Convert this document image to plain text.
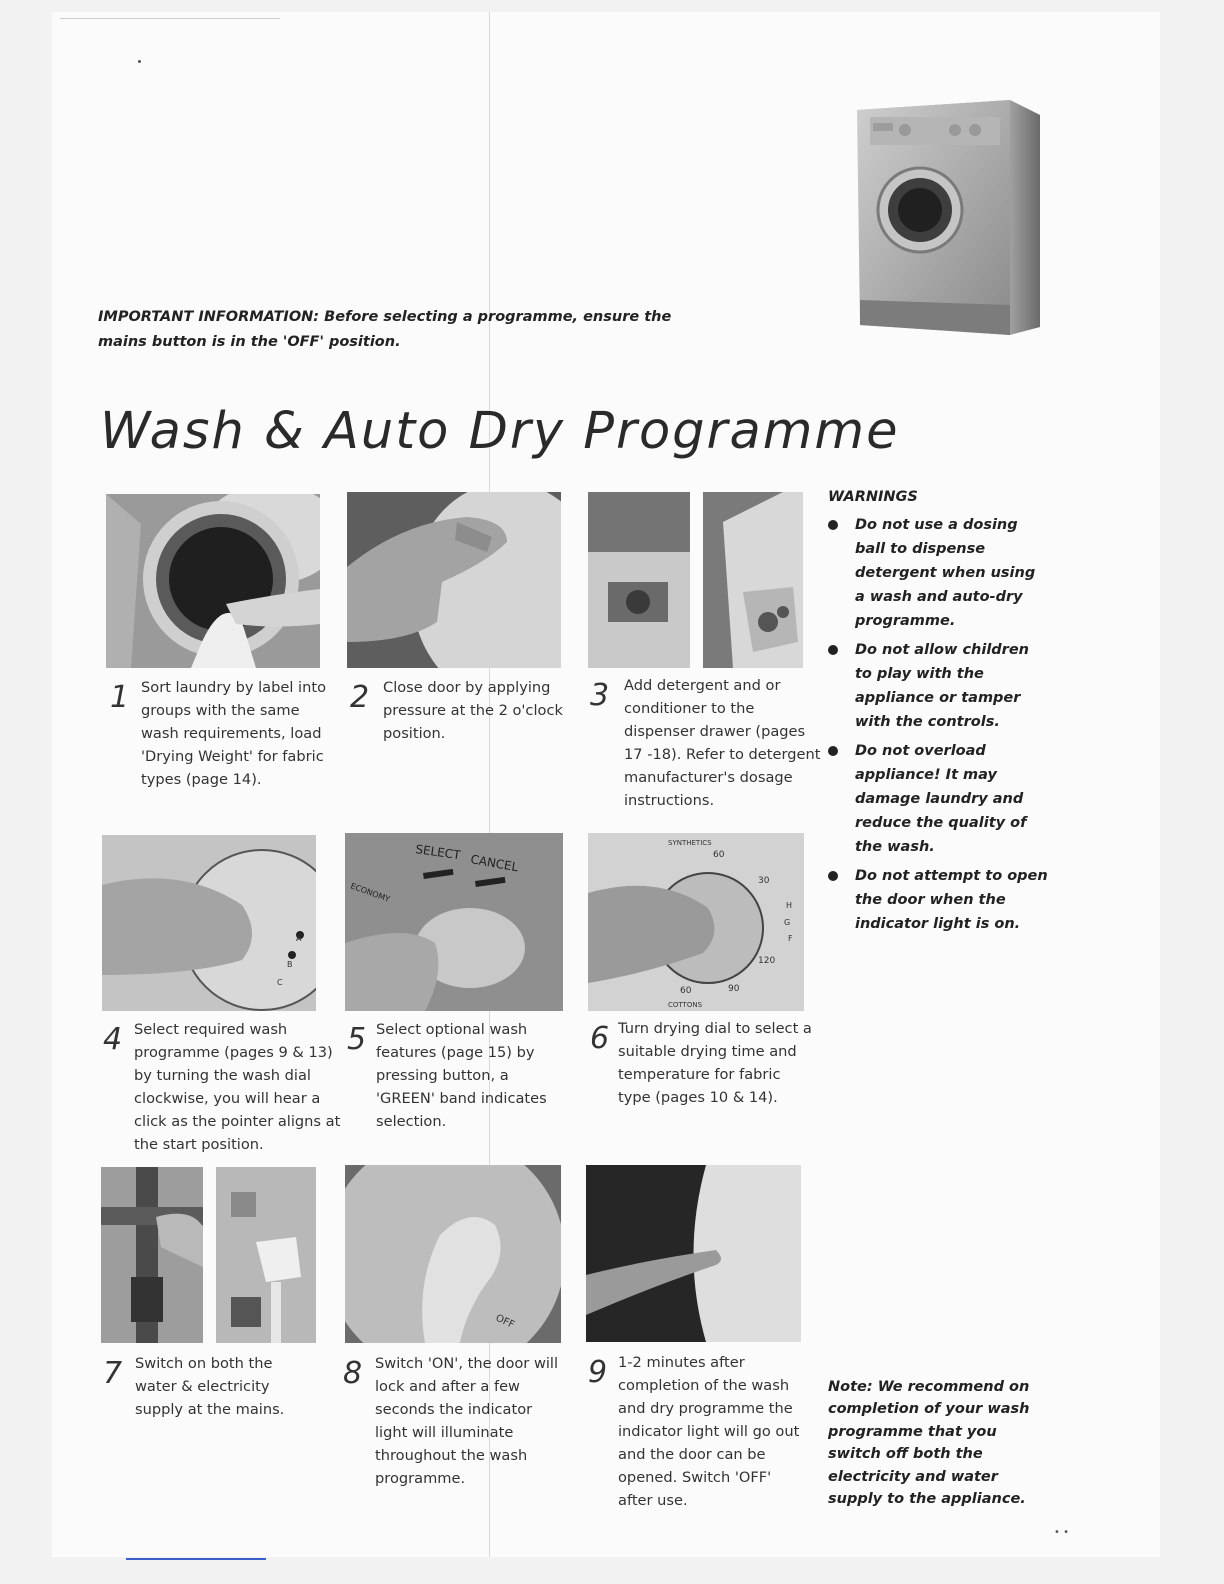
IMPORTANT INFORMATION: Before selecting a programme, ensure the mains button is in the 'OFF' position.
Wash & Auto Dry Programme
A
B
C
SELECT CANCEL
ECONOMY
SYNTHETICS
60
30
H
G
F
120
90
60
COTTONS
OFF
1 Sort laundry by label into groups with the same wash requirements, load 'Drying Weight' for fabric types (page 14).
2 Close door by applying pressure at the 2 o'clock position.
3 Add detergent and or conditioner to the dispenser drawer (pages 17 -18). Refer to detergent manufacturer's dosage instructions.
4 Select required wash programme (pages 9 & 13) by turning the wash dial clockwise, you will hear a click as the pointer aligns at the start position.
5 Select optional wash features (page 15) by pressing button, a 'GREEN' band indicates selection.
6 Turn drying dial to select a suitable drying time and temperature for fabric type (pages 10 & 14).
7 Switch on both the water & electricity supply at the mains.
8 Switch 'ON', the door will lock and after a few seconds the indicator light will illuminate throughout the wash programme.
9 1-2 minutes after completion of the wash and dry programme the indicator light will go out and the door can be opened. Switch 'OFF' after use.
WARNINGS
Do not use a dosing ball to dispense detergent when using a wash and auto-dry programme.
Do not allow children to play with the appliance or tamper with the controls.
Do not overload appliance! It may damage laundry and reduce the quality of the wash.
Do not attempt to open the door when the indicator light is on.
Note: We recommend on completion of your wash programme that you switch off both the electricity and water supply to the appliance.
• •
